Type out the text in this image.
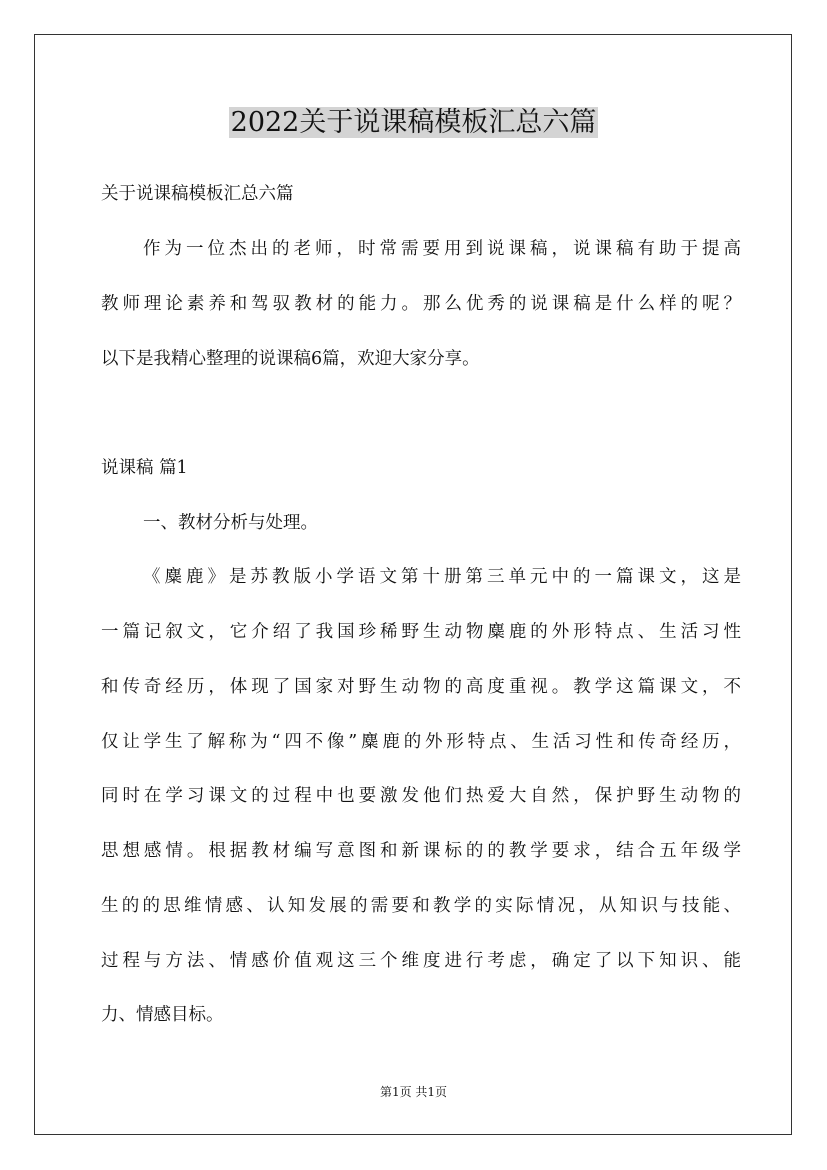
2022关于说课稿模板汇总六篇

关于说课稿模板汇总六篇

作为一位杰出的老师，时常需要用到说课稿，说课稿有助于提高

教师理论素养和驾驭教材的能力。那么优秀的说课稿是什么样的呢？

以下是我精心整理的说课稿6篇，欢迎大家分享。

说课稿 篇1

一、教材分析与处理。

《麋鹿》是苏教版小学语文第十册第三单元中的一篇课文，这是

一篇记叙文，它介绍了我国珍稀野生动物麋鹿的外形特点、生活习性

和传奇经历，体现了国家对野生动物的高度重视。教学这篇课文，不

仅让学生了解称为“四不像”麋鹿的外形特点、生活习性和传奇经历，

同时在学习课文的过程中也要激发他们热爱大自然，保护野生动物的

思想感情。根据教材编写意图和新课标的的教学要求，结合五年级学

生的的思维情感、认知发展的需要和教学的实际情况，从知识与技能、

过程与方法、情感价值观这三个维度进行考虑，确定了以下知识、能

力、情感目标。

第1页 共1页
